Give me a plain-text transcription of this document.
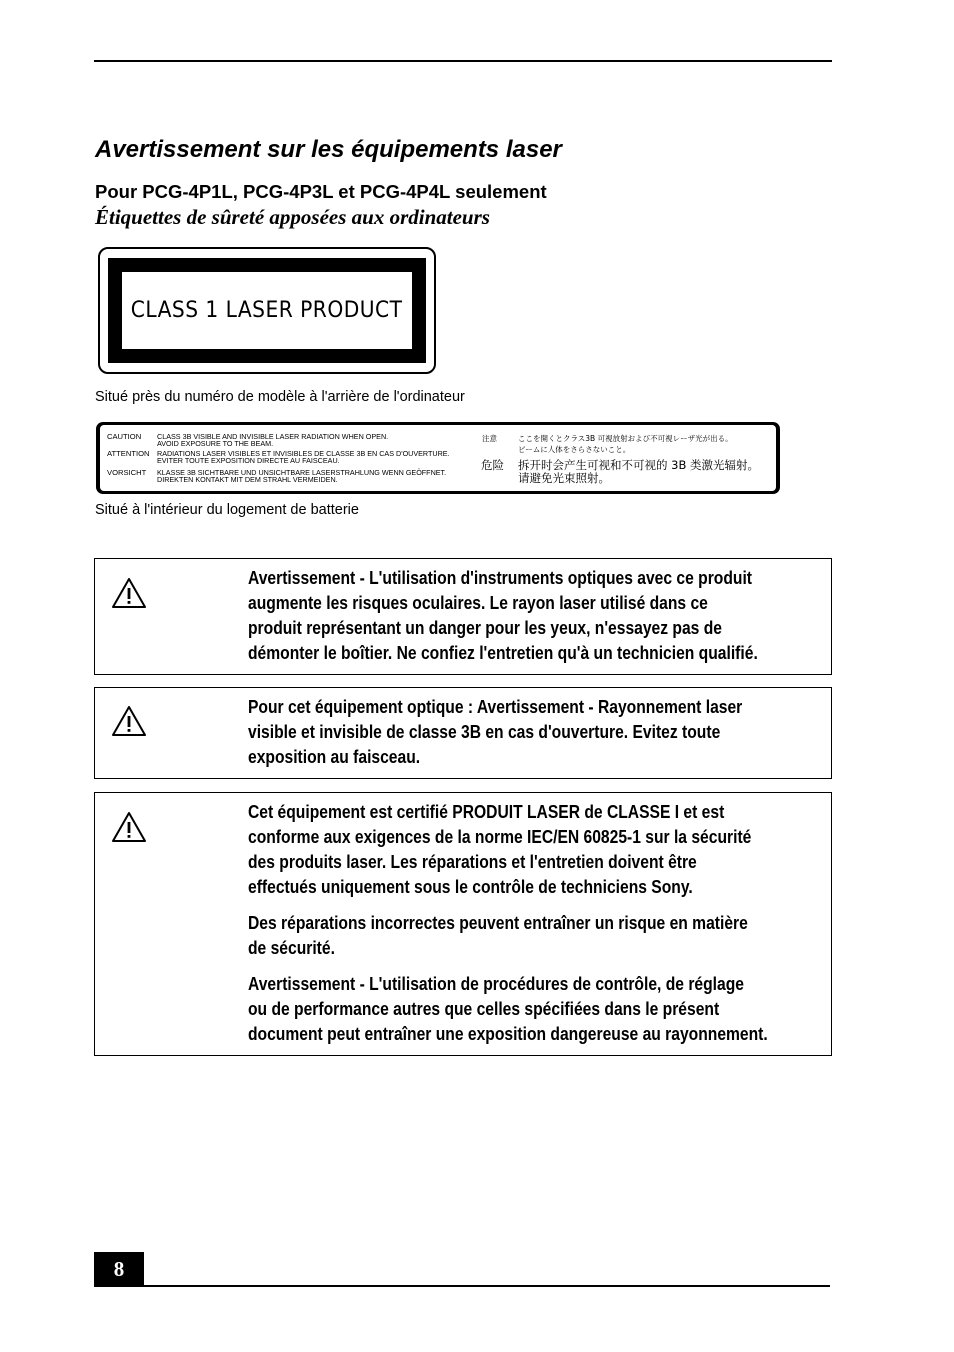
Avertissement sur les équipements laser
Pour PCG-4P1L, PCG-4P3L et PCG-4P4L seulement
Étiquettes de sûreté apposées aux ordinateurs
CLASS 1 LASER PRODUCT
Situé près du numéro de modèle à l'arrière de l'ordinateur
CAUTION CLASS 3B VISIBLE AND INVISIBLE LASER RADIATION WHEN OPEN.
AVOID EXPOSURE TO THE BEAM.
ATTENTION RADIATIONS LASER VISIBLES ET INVISIBLES DE CLASSE 3B EN CAS D'OUVERTURE.
EVITER TOUTE EXPOSITION DIRECTE AU FAISCEAU.
VORSICHT KLASSE 3B SICHTBARE UND UNSICHTBARE LASERSTRAHLUNG WENN GEÖFFNET.
DIREKTEN KONTAKT MIT DEM STRAHL VERMEIDEN.
注意	ここを開くとクラス3B 可視放射および不可視レーザ光が出る。
ビームに人体をさらさないこと。
危险 拆开时会产生可视和不可视的 3B 类激光辐射。
请避免光束照射。
Situé à l'intérieur du logement de batterie
Avertissement - L'utilisation d'instruments optiques avec ce produit
augmente les risques oculaires. Le rayon laser utilisé dans ce
produit représentant un danger pour les yeux, n'essayez pas de
démonter le boîtier. Ne confiez l'entretien qu'à un technicien qualifié.
Pour cet équipement optique : Avertissement - Rayonnement laser
visible et invisible de classe 3B en cas d'ouverture. Evitez toute
exposition au faisceau.
Cet équipement est certifié PRODUIT LASER de CLASSE I et est
conforme aux exigences de la norme IEC/EN 60825-1 sur la sécurité
des produits laser. Les réparations et l'entretien doivent être
effectués uniquement sous le contrôle de techniciens Sony.
Des réparations incorrectes peuvent entraîner un risque en matière
de sécurité.
Avertissement - L'utilisation de procédures de contrôle, de réglage
ou de performance autres que celles spécifiées dans le présent
document peut entraîner une exposition dangereuse au rayonnement.
8
